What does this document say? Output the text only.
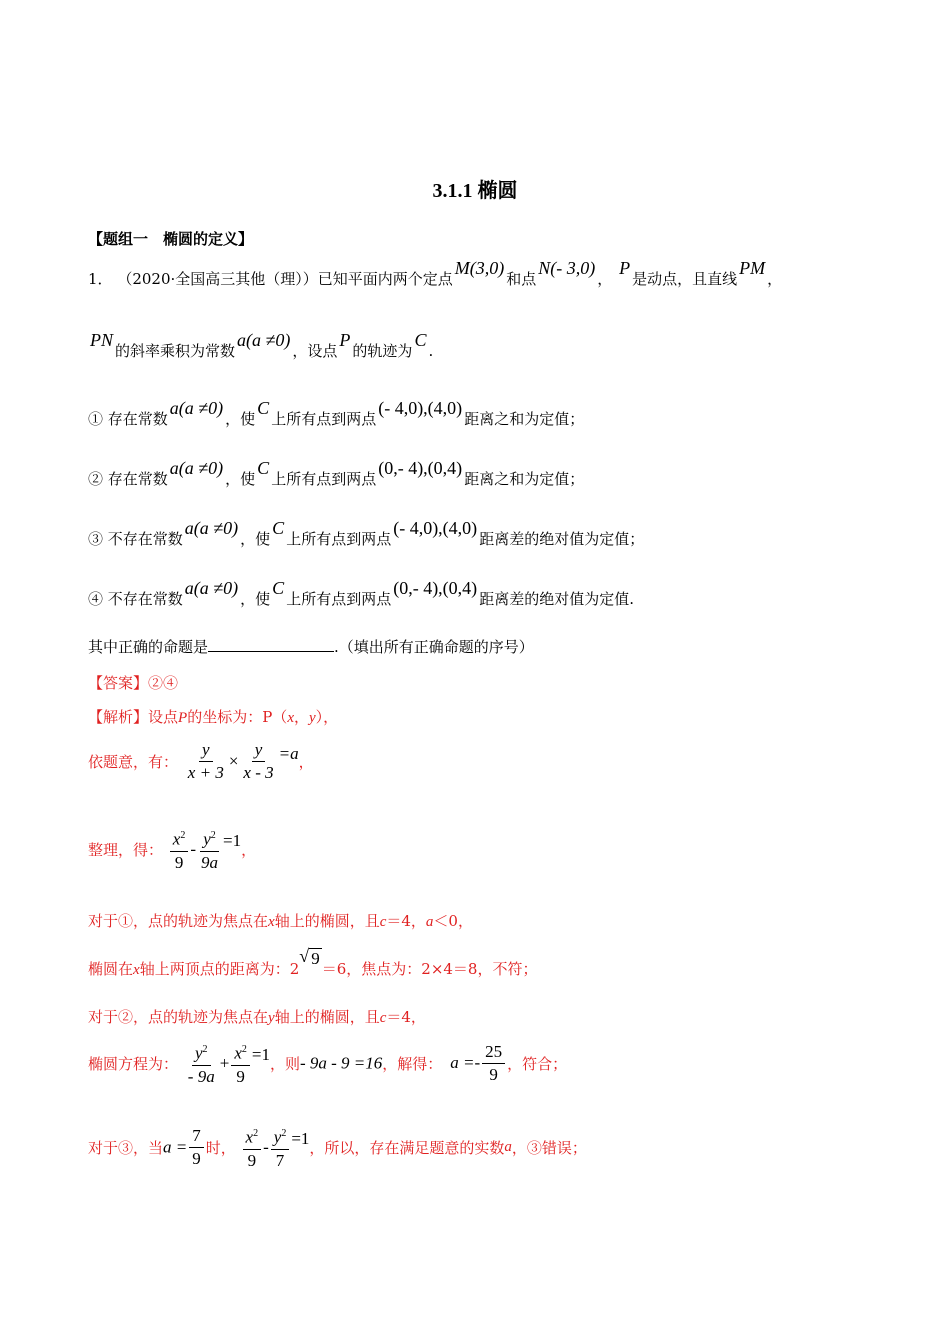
3.1.1 椭圆
【题组一　椭圆的定义】
1． （2020·全国高三其他（理））已知平面内两个定点M(3,0)和点N(- 3,0)， P是动点，且直线PM，
PN的斜率乘积为常数a(a ≠0)，设点P的轨迹为C.
① 存在常数a(a ≠0)，使C上所有点到两点(- 4,0),(4,0)距离之和为定值；
② 存在常数a(a ≠0)，使C上所有点到两点(0,- 4),(0,4)距离之和为定值；
③ 不存在常数a(a ≠0)，使C上所有点到两点(- 4,0),(4,0)距离差的绝对值为定值；
④ 不存在常数a(a ≠0)，使C上所有点到两点(0,- 4),(0,4)距离差的绝对值为定值.
其中正确的命题是	.（填出所有正确命题的序号）
【答案】②④
【解析】设点P的坐标为：P（x，y），
依题意，有： $\frac{y}{x + 3} \times \frac{y}{x - 3} =a$，
整理，得： $\frac{x^2}{9} - \frac{y^2}{9a} =1$，
对于①，点的轨迹为焦点在x轴上的椭圆，且c＝4，a＜0，
椭圆在x轴上两顶点的距离为：2
√ 9＝6，焦点为：2×4＝8，不符；
对于②，点的轨迹为焦点在y轴上的椭圆，且c＝4，
椭圆方程为： $\frac{y^2}{- 9a} + \frac{x^2}{9} =1$，则- 9a - 9 =16，解得： $a =- \frac{25}{9}$ ，符合；
对于③，当$a = \frac{7}{9}$ 时， $\frac{x^2}{9} - \frac{y^2}{7} =1$，所以，存在满足题意的实数a，③错误；
